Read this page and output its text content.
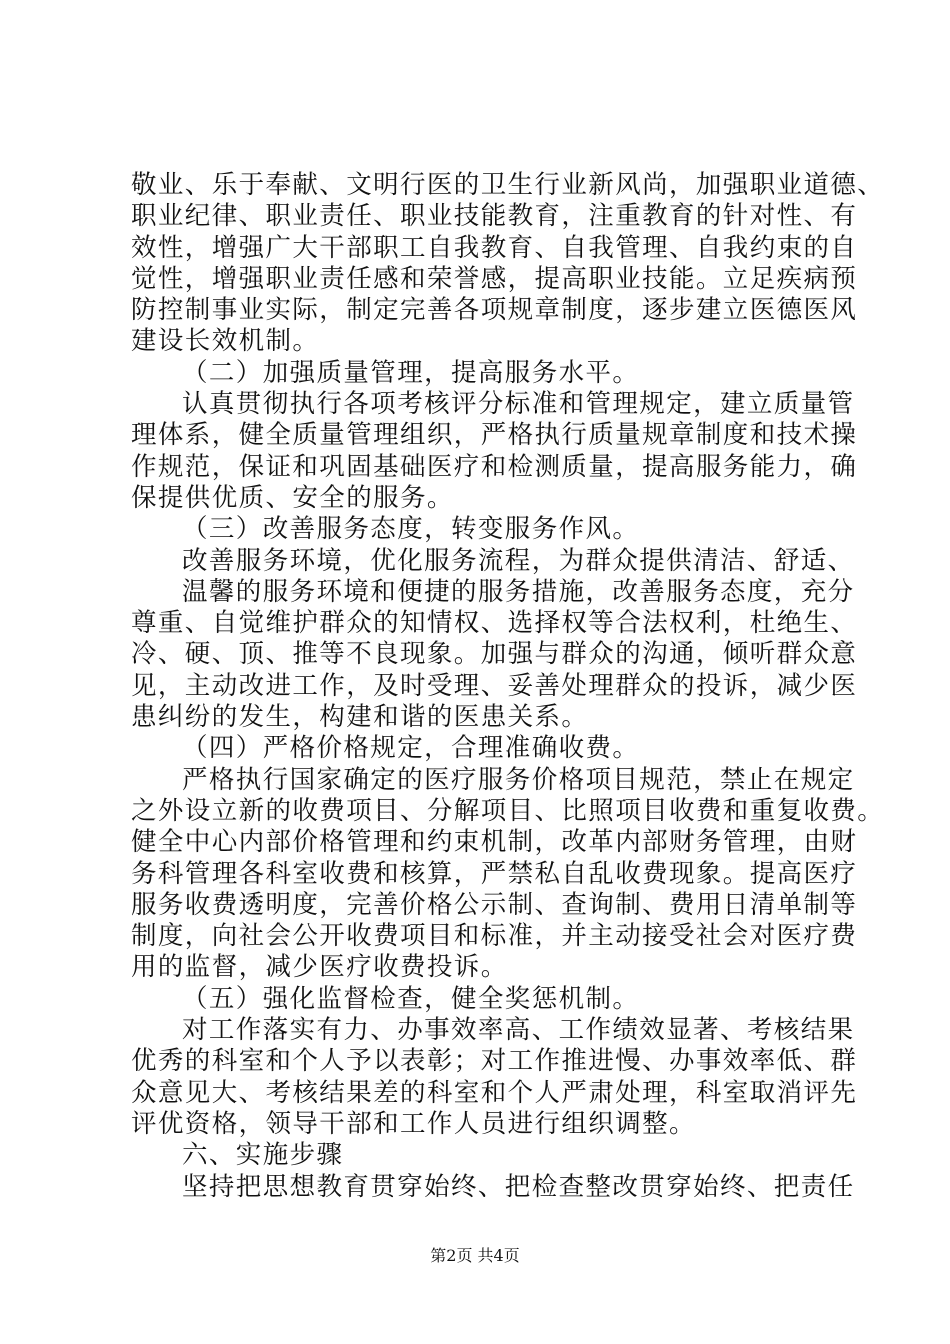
敬业、乐于奉献、文明行医的卫生行业新风尚，加强职业道德、
职业纪律、职业责任、职业技能教育，注重教育的针对性、有
效性，增强广大干部职工自我教育、自我管理、自我约束的自
觉性，增强职业责任感和荣誉感，提高职业技能。立足疾病预
防控制事业实际，制定完善各项规章制度，逐步建立医德医风
建设长效机制。
（二）加强质量管理，提高服务水平。
认真贯彻执行各项考核评分标准和管理规定，建立质量管
理体系，健全质量管理组织，严格执行质量规章制度和技术操
作规范，保证和巩固基础医疗和检测质量，提高服务能力，确
保提供优质、安全的服务。
（三）改善服务态度，转变服务作风。
改善服务环境，优化服务流程，为群众提供清洁、舒适、
温馨的服务环境和便捷的服务措施，改善服务态度，充分
尊重、自觉维护群众的知情权、选择权等合法权利，杜绝生、
冷、硬、顶、推等不良现象。加强与群众的沟通，倾听群众意
见，主动改进工作，及时受理、妥善处理群众的投诉，减少医
患纠纷的发生，构建和谐的医患关系。
（四）严格价格规定，合理准确收费。
严格执行国家确定的医疗服务价格项目规范，禁止在规定
之外设立新的收费项目、分解项目、比照项目收费和重复收费。
健全中心内部价格管理和约束机制，改革内部财务管理，由财
务科管理各科室收费和核算，严禁私自乱收费现象。提高医疗
服务收费透明度，完善价格公示制、查询制、费用日清单制等
制度，向社会公开收费项目和标准，并主动接受社会对医疗费
用的监督，减少医疗收费投诉。
（五）强化监督检查，健全奖惩机制。
对工作落实有力、办事效率高、工作绩效显著、考核结果
优秀的科室和个人予以表彰；对工作推进慢、办事效率低、群
众意见大、考核结果差的科室和个人严肃处理，科室取消评先
评优资格，领导干部和工作人员进行组织调整。
六、实施步骤
坚持把思想教育贯穿始终、把检查整改贯穿始终、把责任
第2页 共4页
